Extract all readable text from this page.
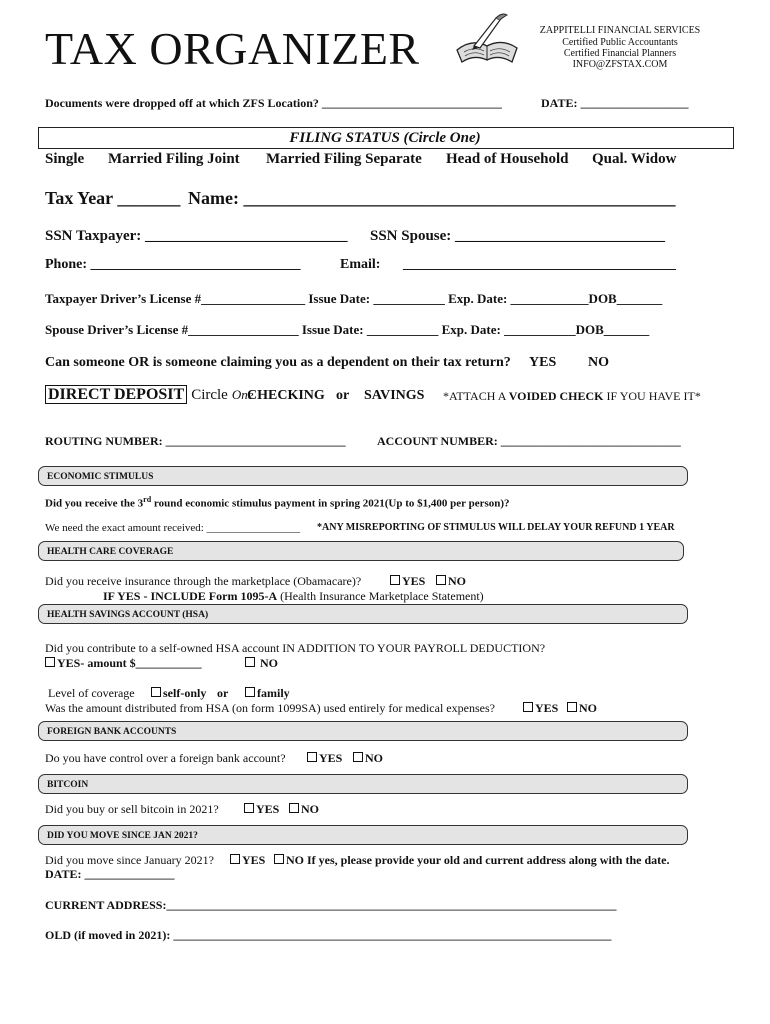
TAX ORGANIZER	ZAPPITELLI FINANCIAL SERVICES
Certified Public Accountants
Certified Financial Planners
INFO@ZFSTAX.COM
Documents were dropped off at which ZFS Location? ______________________________	DATE: __________________
FILING STATUS (Circle One)
Single Married Filing Joint Married Filing Separate Head of Household Qual. Widow
Tax Year _______ Name: ________________________________________________
SSN Taxpayer: ___________________________ SSN Spouse: ____________________________
Phone: ______________________________	Email: _______________________________________
Taxpayer Driver’s License #________________ Issue Date: ___________ Exp. Date: ____________DOB_______
Spouse Driver’s License #_________________ Issue Date: ___________ Exp. Date: ___________DOB_______
Can someone OR is someone claiming you as a dependent on their tax return? YES NO
DIRECT DEPOSIT Circle One
CHECKING or SAVINGS *ATTACH A VOIDED CHECK IF YOU HAVE IT*
ROUTING NUMBER: ______________________________	ACCOUNT NUMBER: ______________________________
ECONOMIC STIMULUS
Did you receive the 3rd round economic stimulus payment in spring 2021(Up to $1,400 per person)?
We need the exact amount received: _________________ *ANY MISREPORTING OF STIMULUS WILL DELAY YOUR REFUND 1 YEAR
HEALTH CARE COVERAGE
Did you receive insurance through the marketplace (Obamacare)?	YES	NO
IF YES - INCLUDE Form 1095-A (Health Insurance Marketplace Statement)
HEALTH SAVINGS ACCOUNT (HSA)
Did you contribute to a self-owned HSA account IN ADDITION TO YOUR PAYROLL DEDUCTION?
YES- amount $___________	NO
Level of coverage	self-only or	family
Was the amount distributed from HSA (on form 1099SA) used entirely for medical expenses?	YES	NO
FOREIGN BANK ACCOUNTS
Do you have control over a foreign bank account?	YES	NO
BITCOIN
Did you buy or sell bitcoin in 2021?	YES	NO
DID YOU MOVE SINCE JAN 2021?
Did you move since January 2021?	YES	NO If yes, please provide your old and current address along with the date.
DATE: _______________
CURRENT ADDRESS:___________________________________________________________________________
OLD (if moved in 2021): _________________________________________________________________________
